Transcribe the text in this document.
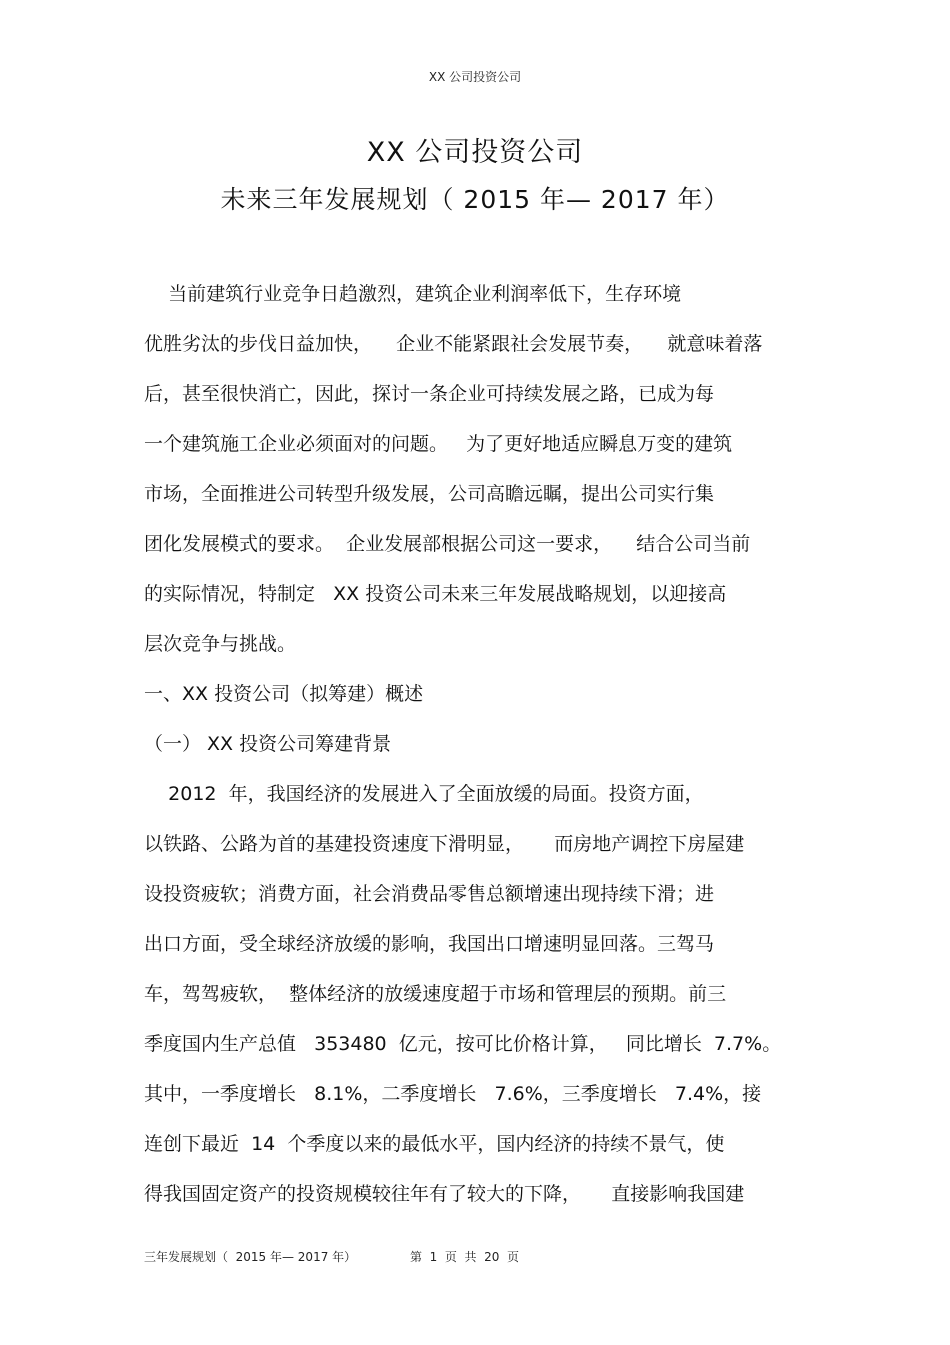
XX 公司投资公司
XX 公司投资公司
未来三年发展规划（ 2015 年— 2017 年）
当前建筑行业竞争日趋激烈，建筑企业利润率低下，生存环境
优胜劣汰的步伐日益加快，    企业不能紧跟社会发展节奏，    就意味着落
后，甚至很快消亡，因此，探讨一条企业可持续发展之路，已成为每
一个建筑施工企业必须面对的问题。   为了更好地适应瞬息万变的建筑
市场，全面推进公司转型升级发展，公司高瞻远瞩，提出公司实行集
团化发展模式的要求。  企业发展部根据公司这一要求，    结合公司当前
的实际情况，特制定   XX 投资公司未来三年发展战略规划，以迎接高
层次竞争与挑战。
一、XX 投资公司（拟筹建）概述
（一） XX 投资公司筹建背景
2012  年，我国经济的发展进入了全面放缓的局面。投资方面，
以铁路、公路为首的基建投资速度下滑明显，     而房地产调控下房屋建
设投资疲软；消费方面，社会消费品零售总额增速出现持续下滑；进
出口方面，受全球经济放缓的影响，我国出口增速明显回落。三驾马
车，驾驾疲软，  整体经济的放缓速度超于市场和管理层的预期。前三
季度国内生产总值   353480  亿元，按可比价格计算，   同比增长  7.7%。
其中，一季度增长   8.1%，二季度增长   7.6%，三季度增长   7.4%，接
连创下最近  14  个季度以来的最低水平，国内经济的持续不景气，使
得我国固定资产的投资规模较往年有了较大的下降，     直接影响我国建
三年发展规划（  2015 年— 2017 年）	第  1  页  共  20  页
